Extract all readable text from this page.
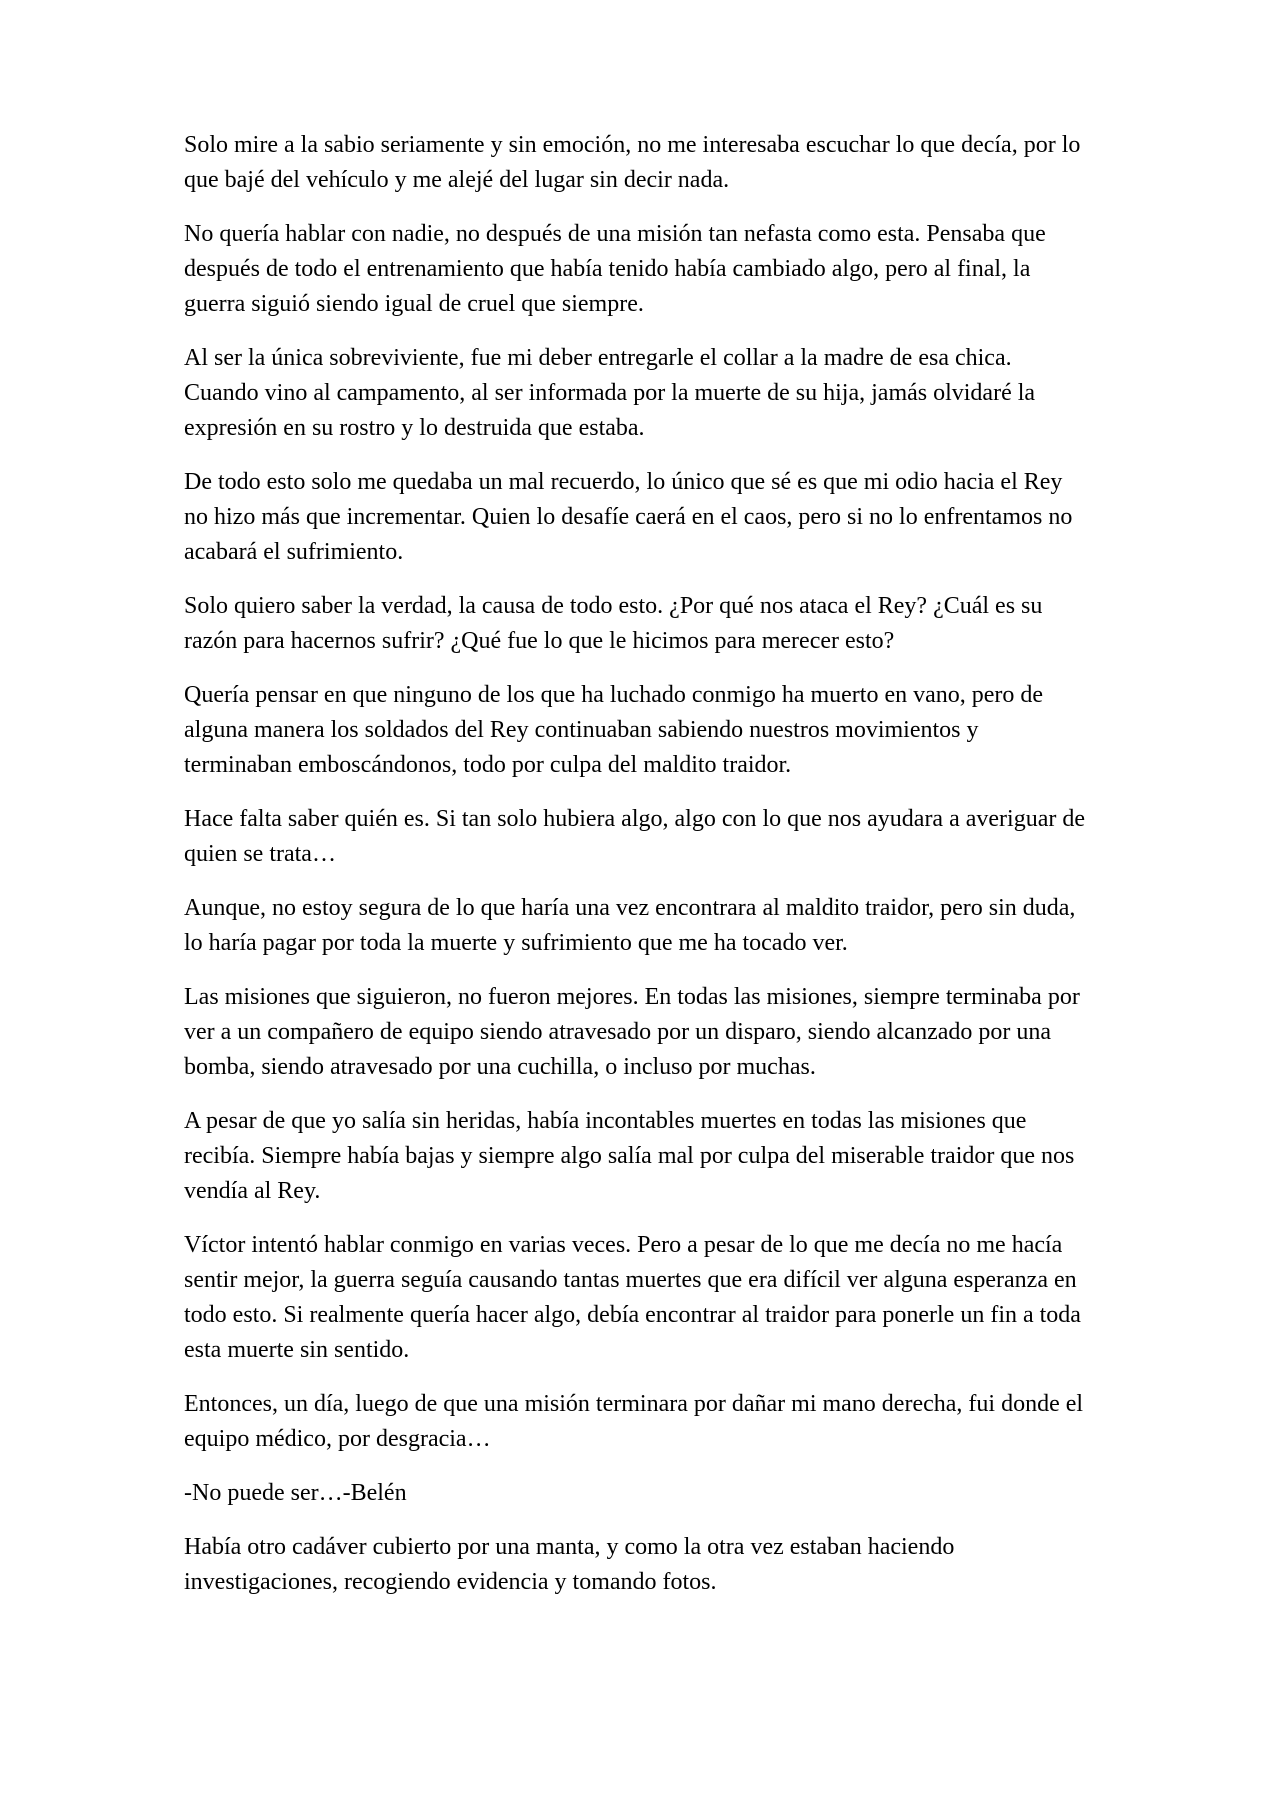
Solo mire a la sabio seriamente y sin emoción, no me interesaba escuchar lo que decía, por lo que bajé del vehículo y me alejé del lugar sin decir nada.

No quería hablar con nadie, no después de una misión tan nefasta como esta. Pensaba que después de todo el entrenamiento que había tenido había cambiado algo, pero al final, la guerra siguió siendo igual de cruel que siempre.

Al ser la única sobreviviente, fue mi deber entregarle el collar a la madre de esa chica. Cuando vino al campamento, al ser informada por la muerte de su hija, jamás olvidaré la expresión en su rostro y lo destruida que estaba.

De todo esto solo me quedaba un mal recuerdo, lo único que sé es que mi odio hacia el Rey no hizo más que incrementar. Quien lo desafíe caerá en el caos, pero si no lo enfrentamos no acabará el sufrimiento.

Solo quiero saber la verdad, la causa de todo esto. ¿Por qué nos ataca el Rey? ¿Cuál es su razón para hacernos sufrir? ¿Qué fue lo que le hicimos para merecer esto?

Quería pensar en que ninguno de los que ha luchado conmigo ha muerto en vano, pero de alguna manera los soldados del Rey continuaban sabiendo nuestros movimientos y terminaban emboscándonos, todo por culpa del maldito traidor.

Hace falta saber quién es. Si tan solo hubiera algo, algo con lo que nos ayudara a averiguar de quien se trata…

Aunque, no estoy segura de lo que haría una vez encontrara al maldito traidor, pero sin duda, lo haría pagar por toda la muerte y sufrimiento que me ha tocado ver.

Las misiones que siguieron, no fueron mejores. En todas las misiones, siempre terminaba por ver a un compañero de equipo siendo atravesado por un disparo, siendo alcanzado por una bomba, siendo atravesado por una cuchilla, o incluso por muchas.

A pesar de que yo salía sin heridas, había incontables muertes en todas las misiones que recibía. Siempre había bajas y siempre algo salía mal por culpa del miserable traidor que nos vendía al Rey.

Víctor intentó hablar conmigo en varias veces. Pero a pesar de lo que me decía no me hacía sentir mejor, la guerra seguía causando tantas muertes que era difícil ver alguna esperanza en todo esto. Si realmente quería hacer algo, debía encontrar al traidor para ponerle un fin a toda esta muerte sin sentido.

Entonces, un día, luego de que una misión terminara por dañar mi mano derecha, fui donde el equipo médico, por desgracia…

-No puede ser…-Belén

Había otro cadáver cubierto por una manta, y como la otra vez estaban haciendo investigaciones, recogiendo evidencia y tomando fotos.
